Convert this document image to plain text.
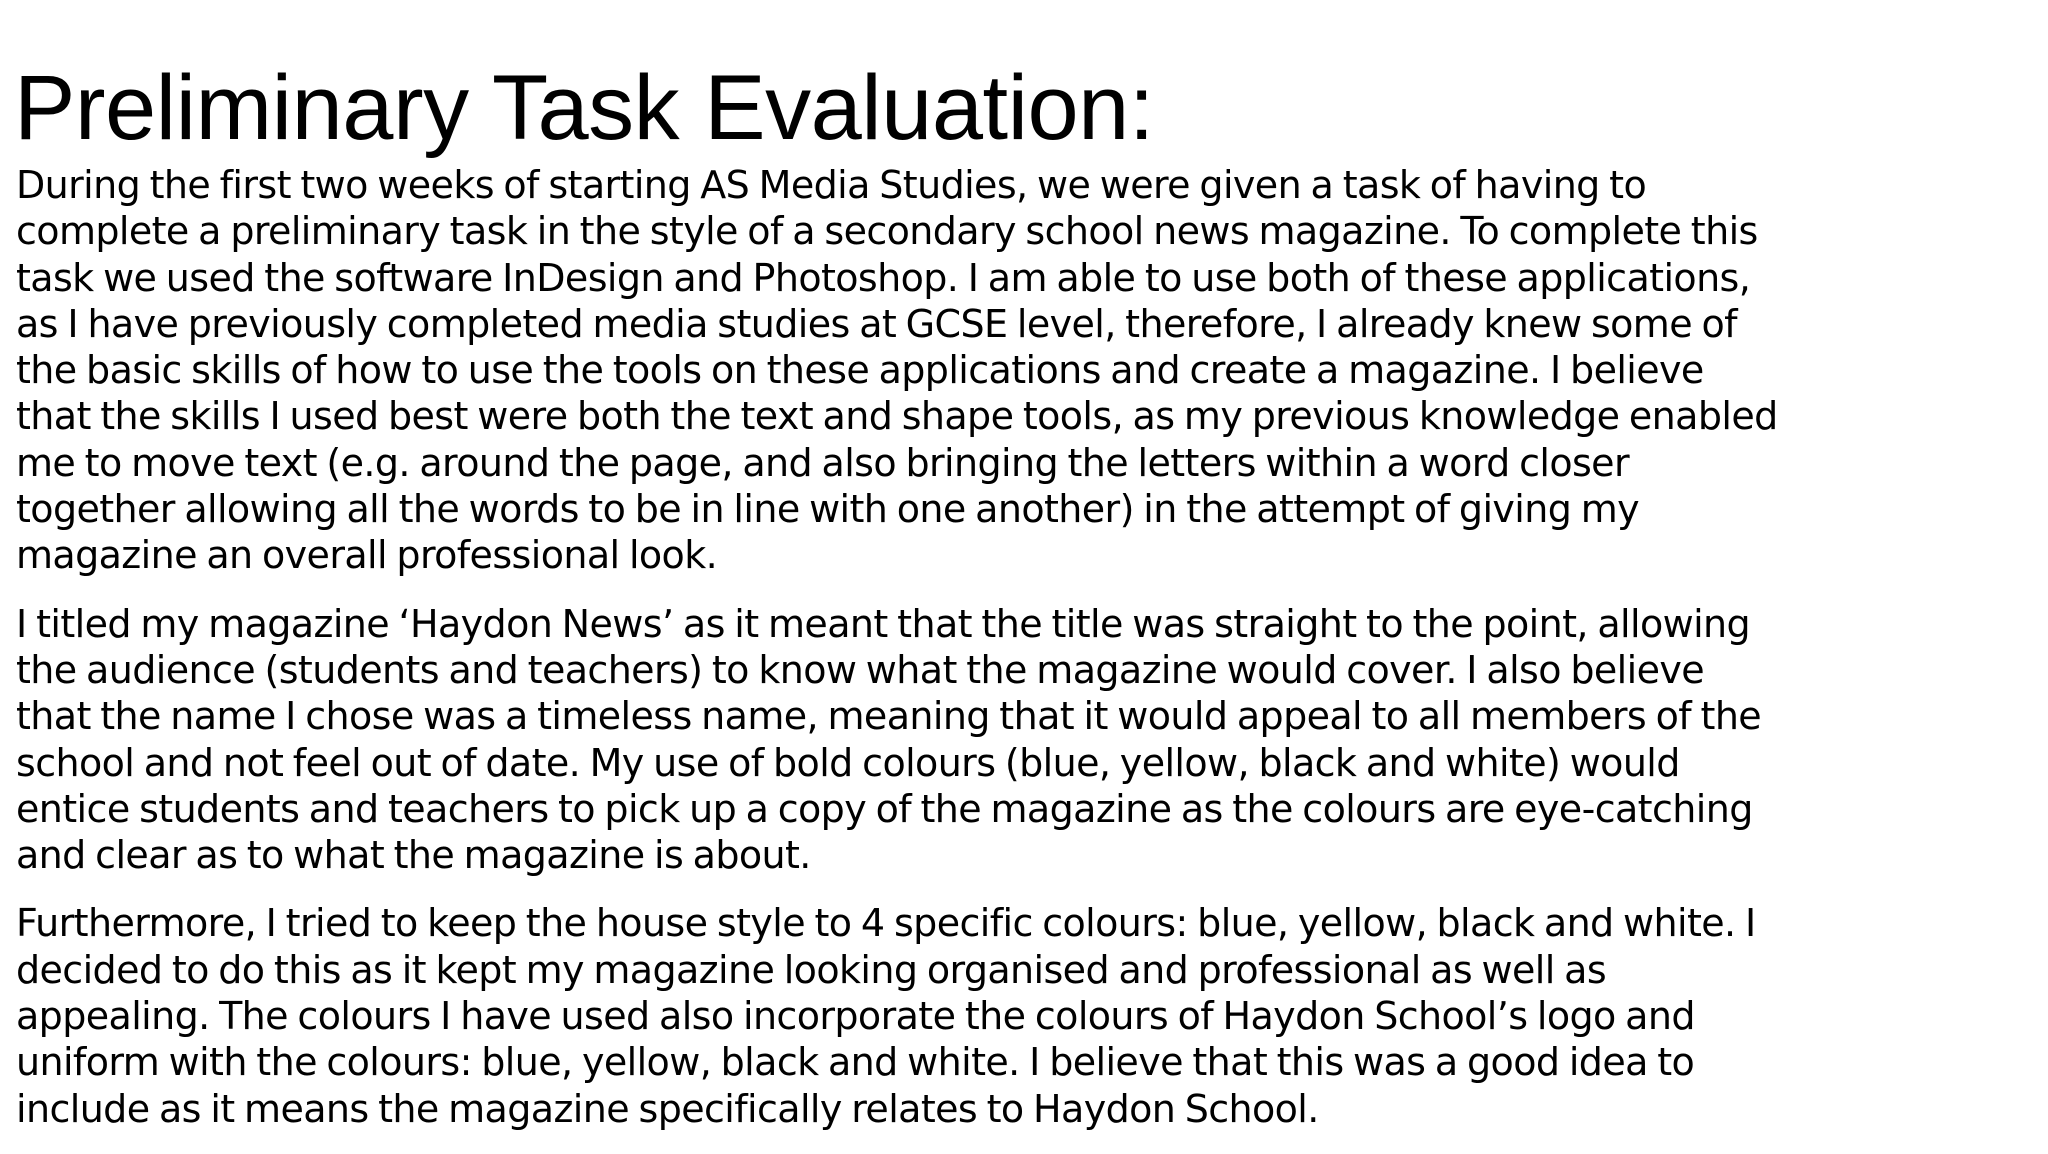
Preliminary Task Evaluation:

During the first two weeks of starting AS Media Studies, we were given a task of having to
complete a preliminary task in the style of a secondary school news magazine. To complete this
task we used the software InDesign and Photoshop. I am able to use both of these applications,
as I have previously completed media studies at GCSE level, therefore, I already knew some of
the basic skills of how to use the tools on these applications and create a magazine. I believe
that the skills I used best were both the text and shape tools, as my previous knowledge enabled
me to move text (e.g. around the page, and also bringing the letters within a word closer
together allowing all the words to be in line with one another) in the attempt of giving my
magazine an overall professional look.

I titled my magazine ‘Haydon News’ as it meant that the title was straight to the point, allowing
the audience (students and teachers) to know what the magazine would cover. I also believe
that the name I chose was a timeless name, meaning that it would appeal to all members of the
school and not feel out of date. My use of bold colours (blue, yellow, black and white) would
entice students and teachers to pick up a copy of the magazine as the colours are eye-catching
and clear as to what the magazine is about.

Furthermore, I tried to keep the house style to 4 specific colours: blue, yellow, black and white. I
decided to do this as it kept my magazine looking organised and professional as well as
appealing. The colours I have used also incorporate the colours of Haydon School’s logo and
uniform with the colours: blue, yellow, black and white. I believe that this was a good idea to
include as it means the magazine specifically relates to Haydon School.
